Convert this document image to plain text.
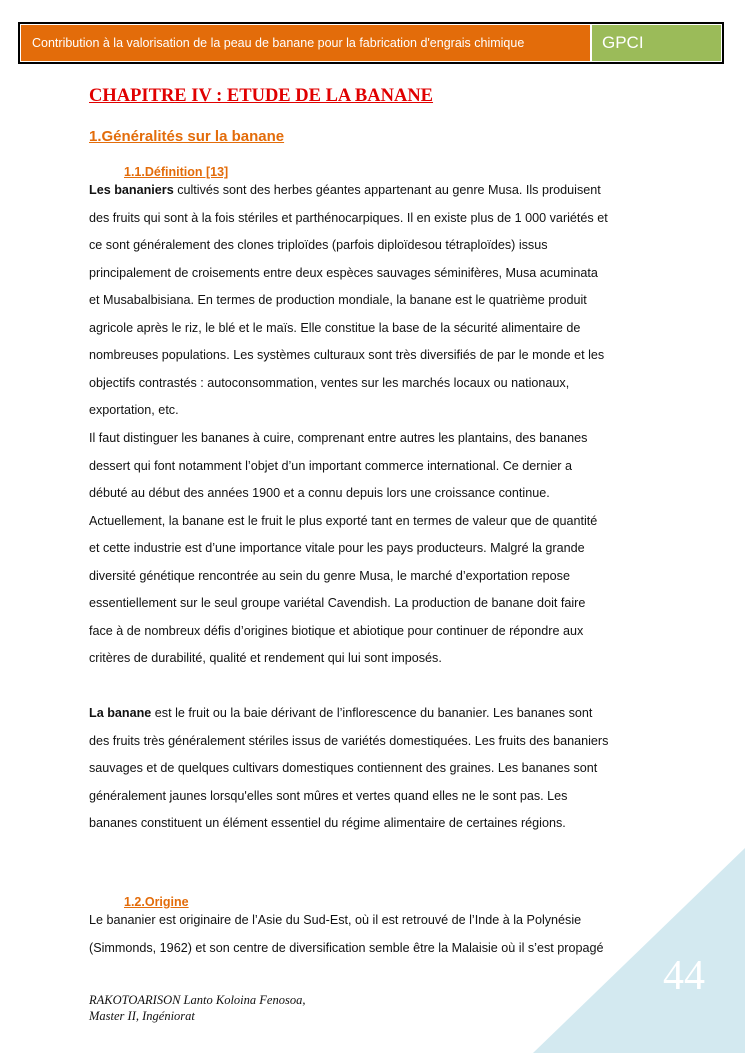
Contribution à la valorisation de la peau de banane pour la fabrication d'engrais chimique	GPCI
CHAPITRE IV : ETUDE DE LA BANANE
1.Généralités sur la banane
1.1.Définition [13]
Les bananiers cultivés sont des herbes géantes appartenant au genre Musa. Ils produisent
des fruits qui sont à la fois stériles et parthénocarpiques. Il en existe plus de 1 000 variétés et
ce sont généralement des clones triploïdes (parfois diploïdesou tétraploïdes) issus
principalement de croisements entre deux espèces sauvages séminifères, Musa acuminata
et Musabalbisiana. En termes de production mondiale, la banane est le quatrième produit
agricole après le riz, le blé et le maïs. Elle constitue la base de la sécurité alimentaire de
nombreuses populations. Les systèmes culturaux sont très diversifiés de par le monde et les
objectifs contrastés : autoconsommation, ventes sur les marchés locaux ou nationaux,
exportation, etc.
Il faut distinguer les bananes à cuire, comprenant entre autres les plantains, des bananes
dessert qui font notamment l’objet d’un important commerce international. Ce dernier a
débuté au début des années 1900 et a connu depuis lors une croissance continue.
Actuellement, la banane est le fruit le plus exporté tant en termes de valeur que de quantité
et cette industrie est d’une importance vitale pour les pays producteurs. Malgré la grande
diversité génétique rencontrée au sein du genre Musa, le marché d’exportation repose
essentiellement sur le seul groupe variétal Cavendish. La production de banane doit faire
face à de nombreux défis d’origines biotique et abiotique pour continuer de répondre aux
critères de durabilité, qualité et rendement qui lui sont imposés.
La banane est le fruit ou la baie dérivant de l’inflorescence du bananier. Les bananes sont
des fruits très généralement stériles issus de variétés domestiquées. Les fruits des bananiers
sauvages et de quelques cultivars domestiques contiennent des graines. Les bananes sont
généralement jaunes lorsqu'elles sont mûres et vertes quand elles ne le sont pas. Les
bananes constituent un élément essentiel du régime alimentaire de certaines régions.
1.2.Origine
Le bananier est originaire de l’Asie du Sud-Est, où il est retrouvé de l’Inde à la Polynésie
(Simmonds, 1962) et son centre de diversification semble être la Malaisie où il s’est propagé
44
RAKOTOARISON Lanto Koloina Fenosoa,
Master II, Ingéniorat
